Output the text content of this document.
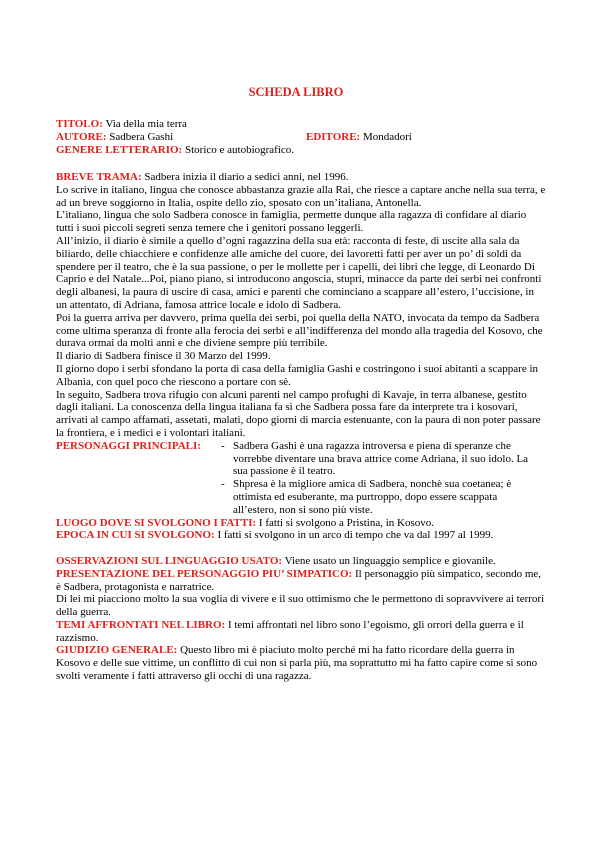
SCHEDA LIBRO

TITOLO: Via della mia terra

AUTORE: Sadbera Gashi	EDITORE: Mondadori

GENERE LETTERARIO: Storico e autobiografico.

BREVE TRAMA: Sadbera inizia il diario a sedici anni, nel 1996.

Lo scrive in italiano, lingua che conosce abbastanza grazie alla Rai, che riesce a captare anche nella sua terra, e ad un breve soggiorno in Italia, ospite dello zio, sposato con un’italiana, Antonella.

L’italiano, lingua che solo Sadbera conosce in famiglia, permette dunque alla ragazza di confidare al diario tutti i suoi piccoli segreti senza temere che i genitori possano leggerli.

All’inizio, il diario è simile a quello d’ogni ragazzina della sua età: racconta di feste, di uscite alla sala da biliardo, delle chiacchiere e confidenze alle amiche del cuore, dei lavoretti fatti per aver un po’ di soldi da spendere per il teatro, che è la sua passione, o per le mollette per i capelli, dei libri che legge, di Leonardo Di Caprio e del Natale...Poi, piano piano, si introducono angoscia, stupri, minacce da parte dei serbi nei confronti degli albanesi, la paura di uscire di casa, amici e parenti che cominciano a scappare all’estero, l’uccisione, in un attentato, di Adriana, famosa attrice locale e idolo di Sadbera.

Poi la guerra arriva per davvero, prima quella dei serbi, poi quella della NATO, invocata da tempo da Sadbera come ultima speranza di fronte alla ferocia dei serbi e all’indifferenza del mondo alla tragedia del Kosovo, che durava ormai da molti anni e che diviene sempre più terribile.

Il diario di Sadbera finisce il 30 Marzo del 1999.

Il giorno dopo i serbi sfondano la porta di casa della famiglia Gashi e costringono i suoi abitanti a scappare in Albania, con quel poco che riescono a portare con sè.

In seguito, Sadbera trova rifugio con alcuni parenti nel campo profughi di Kavaje, in terra albanese, gestito dagli italiani. La conoscenza della lingua italiana fa sì che Sadbera possa fare da interprete tra i kosovari, arrivati al campo affamati, assetati, malati, dopo giorni di marcia estenuante, con la paura di non poter passare la frontiera, e i medici e i volontari italiani.

PERSONAGGI PRINCIPALI:	- Sadbera Gashi è una ragazza introversa e piena di speranze che vorrebbe diventare una brava attrice come Adriana, il suo idolo. La sua passione è il teatro.
- Shpresa è la migliore amica di Sadbera, nonchè sua coetanea; è ottimista ed esuberante, ma purtroppo, dopo essere scappata all’estero, non si sono più viste.

LUOGO DOVE SI SVOLGONO I FATTI: I fatti si svolgono a Pristina, in Kosovo.

EPOCA IN CUI SI SVOLGONO: I fatti si svolgono in un arco di tempo che va dal 1997 al 1999.

OSSERVAZIONI SUL LINGUAGGIO USATO: Viene usato un linguaggio semplice e giovanile.

PRESENTAZIONE DEL PERSONAGGIO PIU’ SIMPATICO: Il personaggio più simpatico, secondo me, è Sadbera, protagonista e narratrice.

Di lei mi piacciono molto la sua voglia di vivere e il suo ottimismo che le permettono di sopravvivere ai terrori della guerra.

TEMI AFFRONTATI NEL LIBRO: I temi affrontati nel libro sono l’egoismo, gli orrori della guerra e il razzismo.

GIUDIZIO GENERALE: Questo libro mi è piaciuto molto perché mi ha fatto ricordare della guerra in Kosovo e delle sue vittime, un conflitto di cui non si parla più, ma soprattutto mi ha fatto capire come si sono svolti veramente i fatti attraverso gli occhi di una ragazza.
